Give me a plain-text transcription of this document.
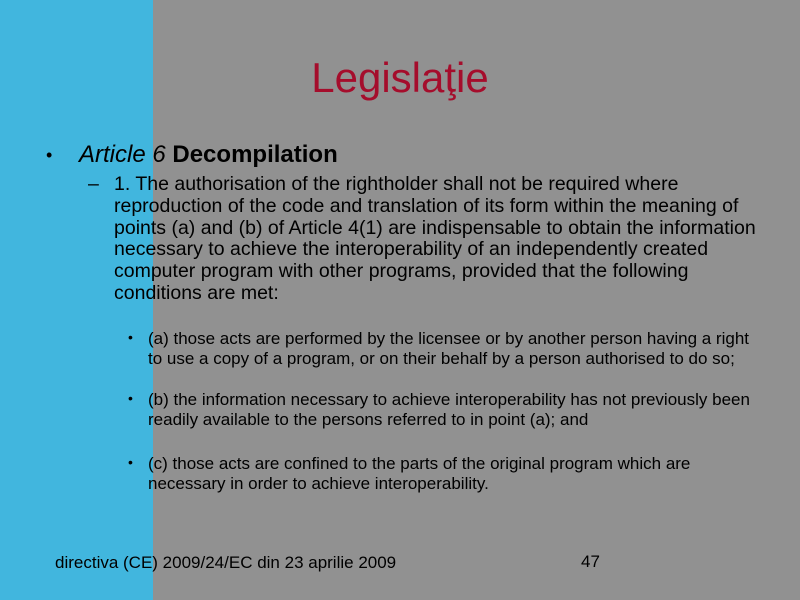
Legislaţie
• Article 6 Decompilation
– 1. The authorisation of the rightholder shall not be required where reproduction of the code and translation of its form within the meaning of points (a) and (b) of Article 4(1) are indispensable to obtain the information necessary to achieve the interoperability of an independently created computer program with other programs, provided that the following conditions are met:
• (a) those acts are performed by the licensee or by another person having a right to use a copy of a program, or on their behalf by a person authorised to do so;
• (b) the information necessary to achieve interoperability has not previously been readily available to the persons referred to in point (a); and
• (c) those acts are confined to the parts of the original program which are necessary in order to achieve interoperability.
directiva (CE) 2009/24/EC din 23 aprilie 2009	47
